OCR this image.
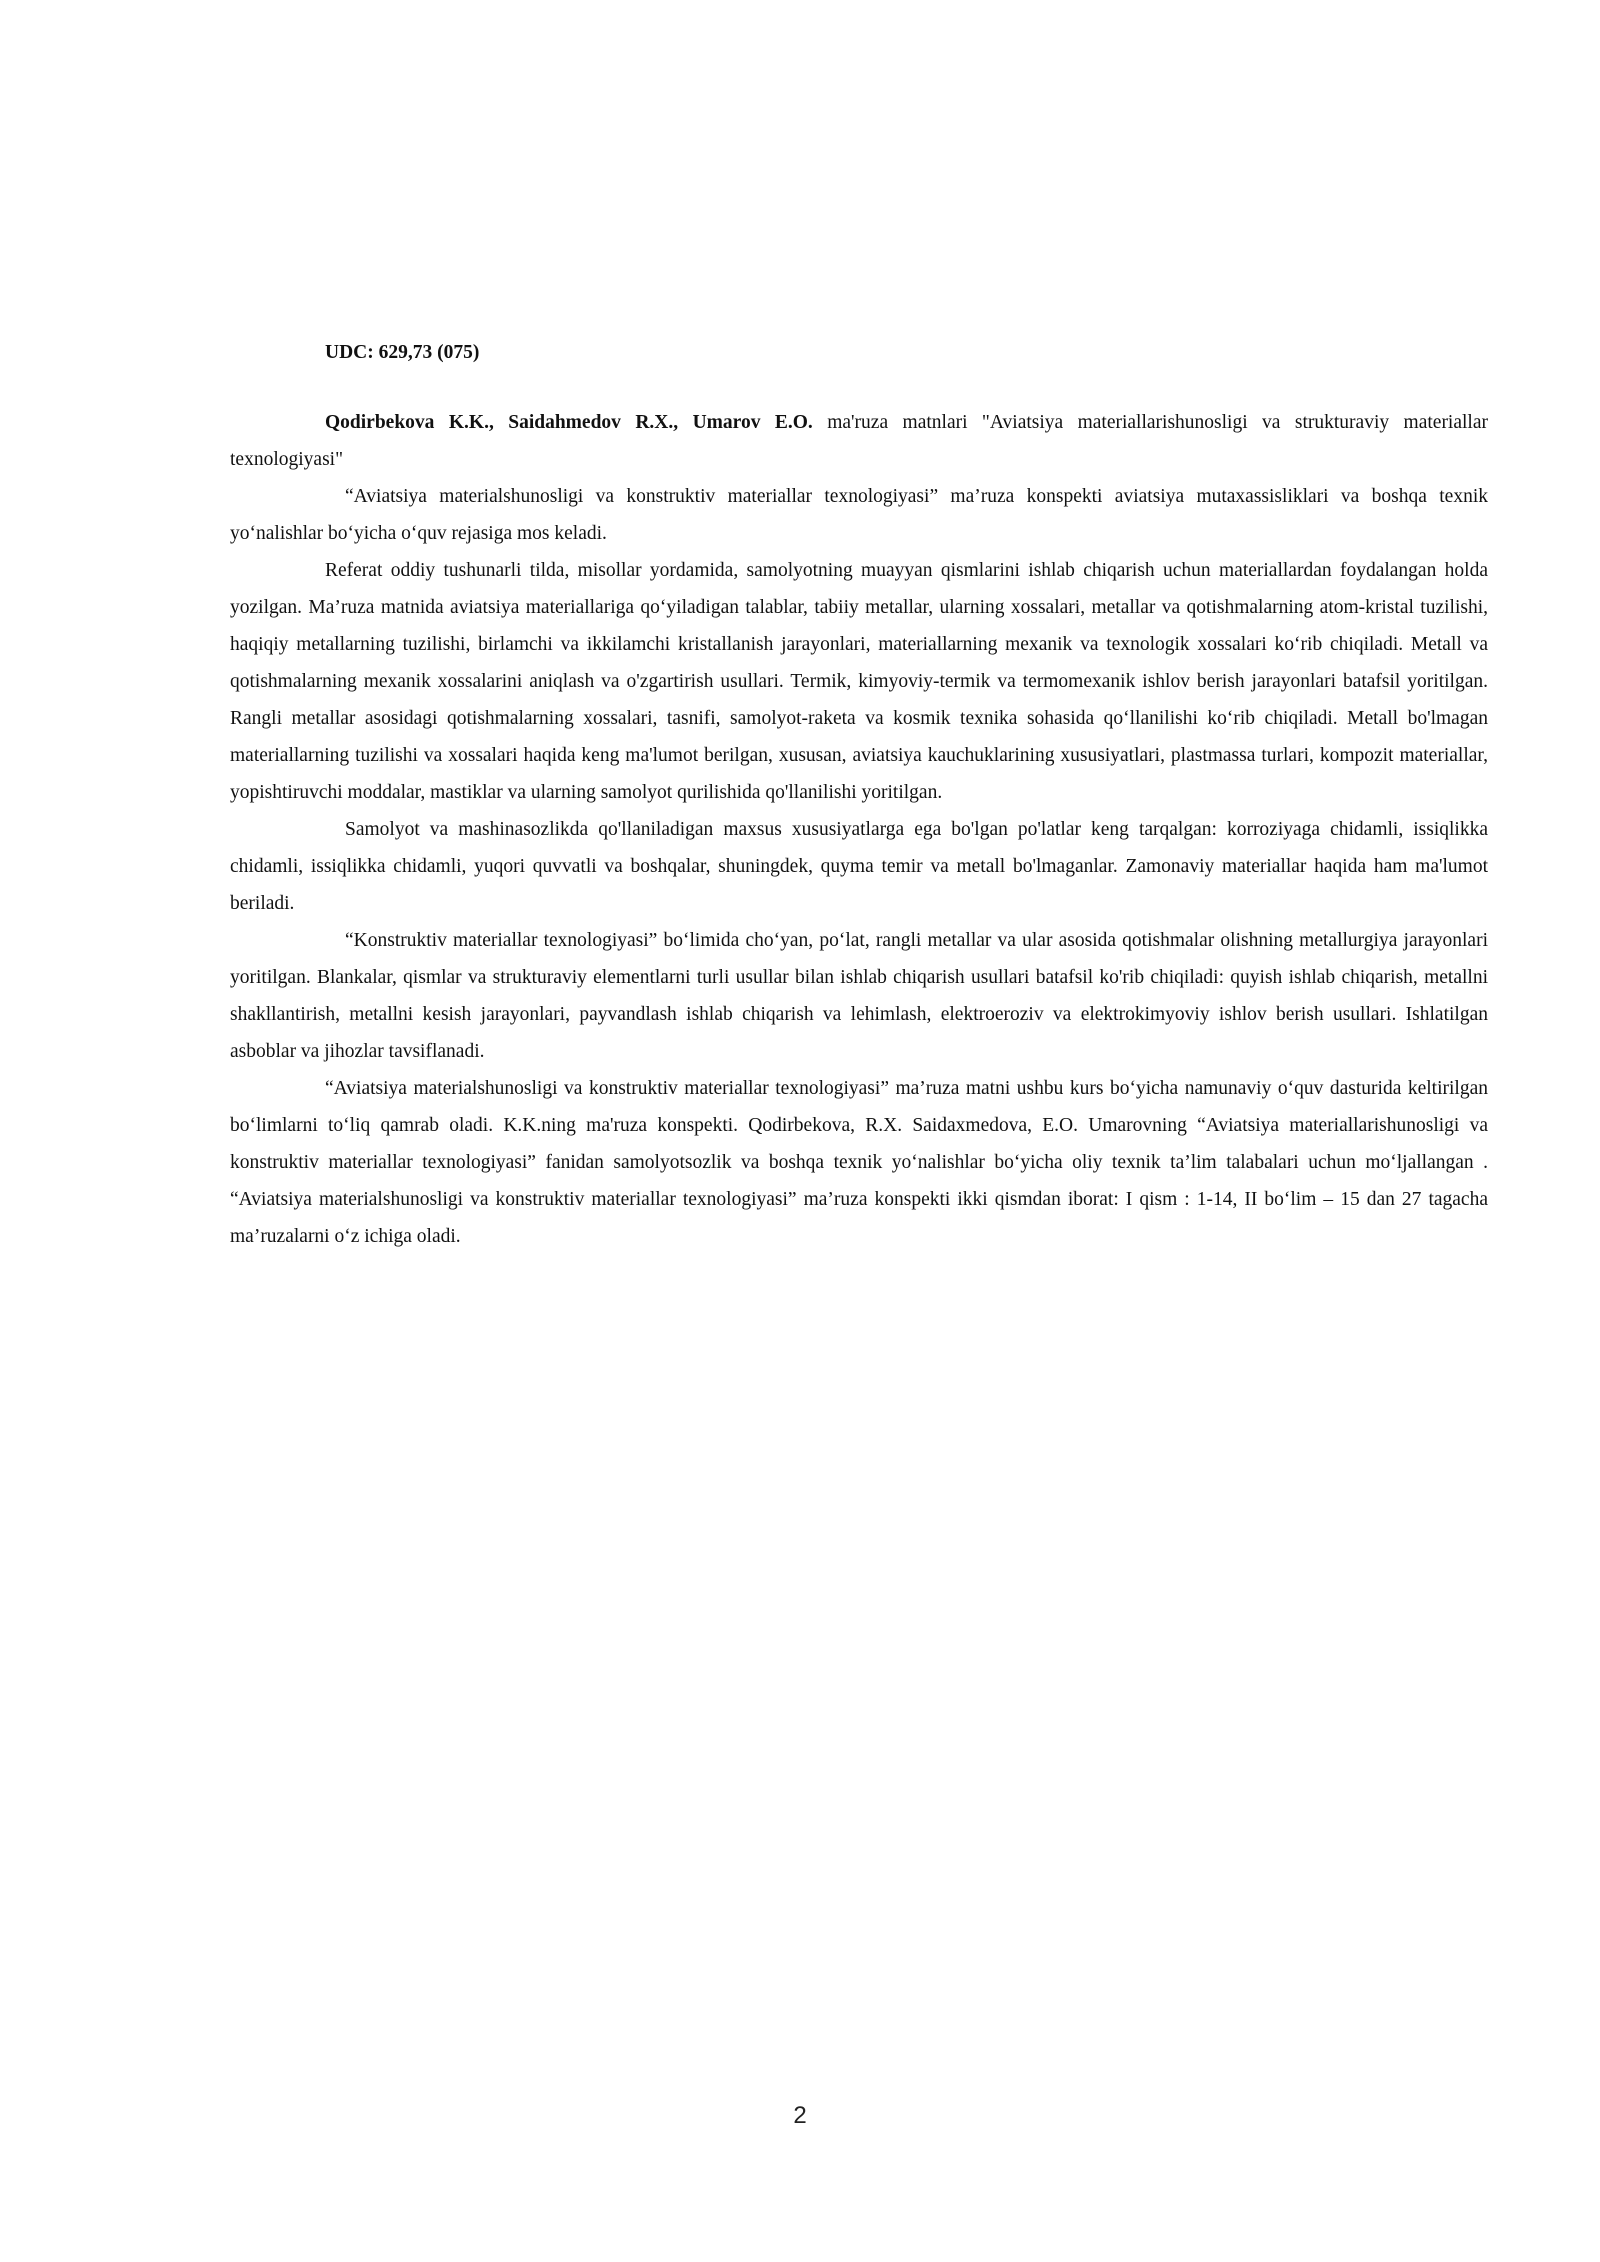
UDC: 629,73 (075)

Qodirbekova K.K., Saidahmedov R.X., Umarov E.O. ma'ruza matnlari "Aviatsiya materiallarishunosligi va strukturaviy materiallar texnologiyasi"

“Aviatsiya materialshunosligi va konstruktiv materiallar texnologiyasi” ma’ruza konspekti aviatsiya mutaxassisliklari va boshqa texnik yoʻnalishlar boʻyicha oʻquv rejasiga mos keladi.

Referat oddiy tushunarli tilda, misollar yordamida, samolyotning muayyan qismlarini ishlab chiqarish uchun materiallardan foydalangan holda yozilgan. Ma’ruza matnida aviatsiya materiallariga qoʻyiladigan talablar, tabiiy metallar, ularning xossalari, metallar va qotishmalarning atom-kristal tuzilishi, haqiqiy metallarning tuzilishi, birlamchi va ikkilamchi kristallanish jarayonlari, materiallarning mexanik va texnologik xossalari koʻrib chiqiladi. Metall va qotishmalarning mexanik xossalarini aniqlash va o'zgartirish usullari. Termik, kimyoviy-termik va termomexanik ishlov berish jarayonlari batafsil yoritilgan. Rangli metallar asosidagi qotishmalarning xossalari, tasnifi, samolyot-raketa va kosmik texnika sohasida qoʻllanilishi koʻrib chiqiladi. Metall bo'lmagan materiallarning tuzilishi va xossalari haqida keng ma'lumot berilgan, xususan, aviatsiya kauchuklarining xususiyatlari, plastmassa turlari, kompozit materiallar, yopishtiruvchi moddalar, mastiklar va ularning samolyot qurilishida qo'llanilishi yoritilgan.

Samolyot va mashinasozlikda qo'llaniladigan maxsus xususiyatlarga ega bo'lgan po'latlar keng tarqalgan: korroziyaga chidamli, issiqlikka chidamli, issiqlikka chidamli, yuqori quvvatli va boshqalar, shuningdek, quyma temir va metall bo'lmaganlar. Zamonaviy materiallar haqida ham ma'lumot beriladi.

“Konstruktiv materiallar texnologiyasi” boʻlimida choʻyan, poʻlat, rangli metallar va ular asosida qotishmalar olishning metallurgiya jarayonlari yoritilgan. Blankalar, qismlar va strukturaviy elementlarni turli usullar bilan ishlab chiqarish usullari batafsil ko'rib chiqiladi: quyish ishlab chiqarish, metallni shakllantirish, metallni kesish jarayonlari, payvandlash ishlab chiqarish va lehimlash, elektroeroziv va elektrokimyoviy ishlov berish usullari. Ishlatilgan asboblar va jihozlar tavsiflanadi.

“Aviatsiya materialshunosligi va konstruktiv materiallar texnologiyasi” ma’ruza matni ushbu kurs boʻyicha namunaviy oʻquv dasturida keltirilgan boʻlimlarni toʻliq qamrab oladi. K.K.ning ma'ruza konspekti. Qodirbekova, R.X. Saidaxmedova, E.O. Umarovning “Aviatsiya materiallarishunosligi va konstruktiv materiallar texnologiyasi” fanidan samolyotsozlik va boshqa texnik yoʻnalishlar boʻyicha oliy texnik ta’lim talabalari uchun moʻljallangan . “Aviatsiya materialshunosligi va konstruktiv materiallar texnologiyasi” ma’ruza konspekti ikki qismdan iborat: I qism : 1-14, II boʻlim – 15 dan 27 tagacha ma’ruzalarni oʻz ichiga oladi.

2
